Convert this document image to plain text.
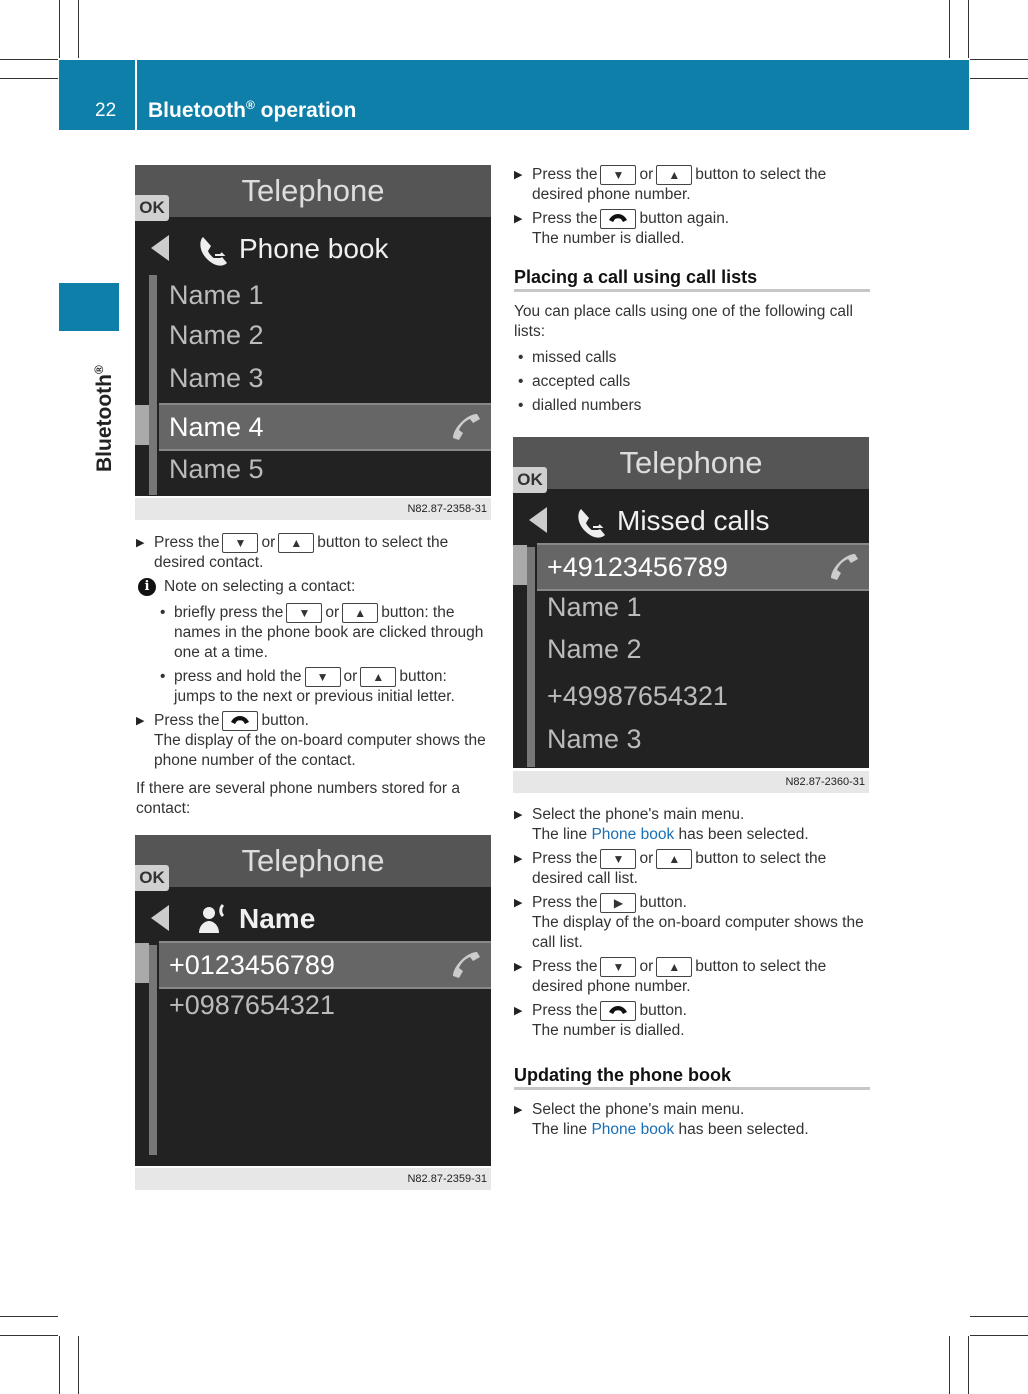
22 Bluetooth® operation
Bluetooth®
Telephone
OK
Phone book
Name 1
Name 2
Name 3
Name 4
Name 5
N82.87-2358-31
Telephone
OK
Name
+0123456789
+0987654321
N82.87-2359-31
Telephone
OK
Missed calls
+49123456789
Name 1
Name 2
+49987654321
Name 3
N82.87-2360-31
▶ Press the ▼ or ▲ button to select the desired contact.
i Note on selecting a contact:
• briefly press the ▼ or ▲ button: the names in the phone book are clicked through one at a time.
• press and hold the ▼ or ▲ button: jumps to the next or previous initial letter.
▶ Press the	button.
The display of the on-board computer shows the phone number of the contact.
If there are several phone numbers stored for a contact:
▶ Press the ▼ or ▲ button to select the desired phone number.
▶ Press the	button again.
The number is dialled.
Placing a call using call lists
You can place calls using one of the following call lists:
• missed calls
• accepted calls
• dialled numbers
▶ Select the phone's main menu.
The line Phone book has been selected.
▶ Press the ▼ or ▲ button to select the desired call list.
▶ Press the ▶ button.
The display of the on-board computer shows the call list.
▶ Press the ▼ or ▲ button to select the desired phone number.
▶ Press the	button.
The number is dialled.
Updating the phone book
▶ Select the phone's main menu.
The line Phone book has been selected.
